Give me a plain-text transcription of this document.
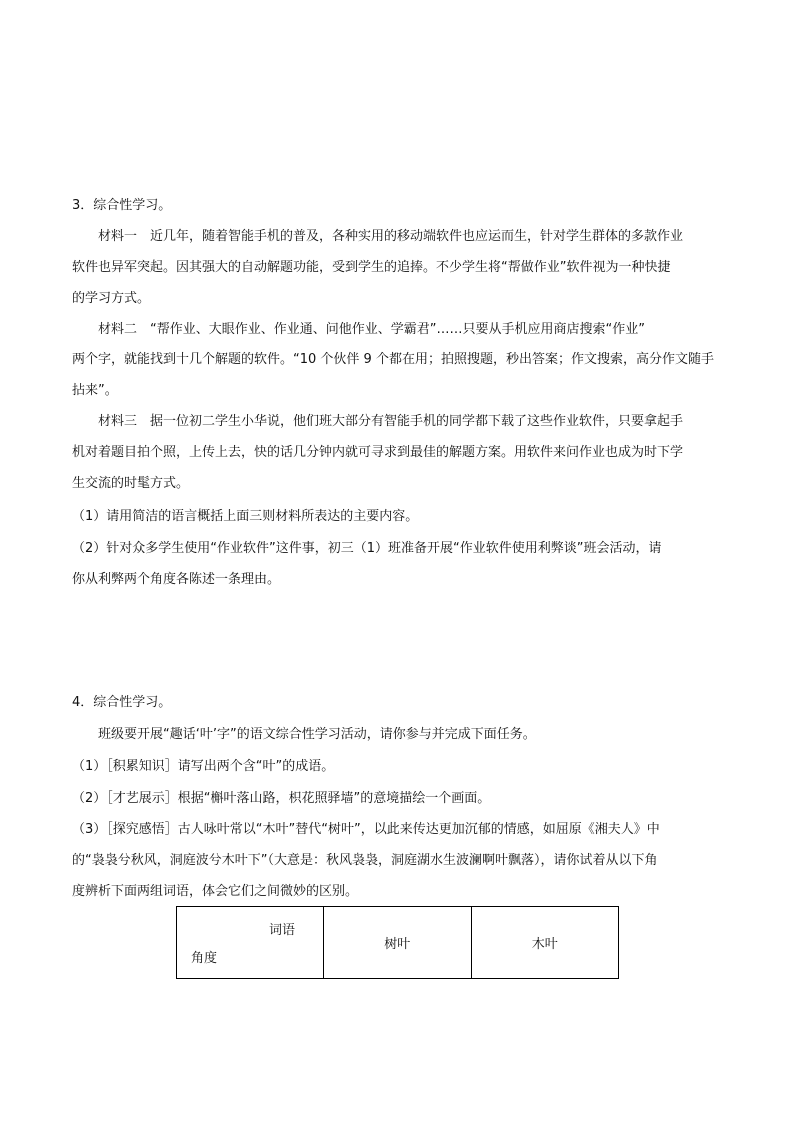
3．综合性学习。
材料一　近几年，随着智能手机的普及，各种实用的移动端软件也应运而生，针对学生群体的多款作业
软件也异军突起。因其强大的自动解题功能，受到学生的追捧。不少学生将“帮做作业”软件视为一种快捷
的学习方式。
材料二　“帮作业、大眼作业、作业通、问他作业、学霸君”……只要从手机应用商店搜索“作业”
两个字，就能找到十几个解题的软件。“10 个伙伴 9 个都在用；拍照搜题，秒出答案；作文搜索，高分作文随手
拈来”。
材料三　据一位初二学生小华说，他们班大部分有智能手机的同学都下载了这些作业软件，只要拿起手
机对着题目拍个照，上传上去，快的话几分钟内就可寻求到最佳的解题方案。用软件来问作业也成为时下学
生交流的时髦方式。
（1）请用简洁的语言概括上面三则材料所表达的主要内容。
（2）针对众多学生使用“作业软件”这件事，初三（1）班准备开展“作业软件使用利弊谈”班会活动，请
你从利弊两个角度各陈述一条理由。
4．综合性学习。
班级要开展“趣话‘叶’字”的语文综合性学习活动，请你参与并完成下面任务。
（1）［积累知识］请写出两个含“叶”的成语。
（2）［才艺展示］根据“槲叶落山路，枳花照驿墙”的意境描绘一个画面。
（3）［探究感悟］古人咏叶常以“木叶”替代“树叶”，以此来传达更加沉郁的情感，如屈原《湘夫人》中
的“袅袅兮秋风，洞庭波兮木叶下”（大意是：秋风袅袅，洞庭湖水生波澜啊叶飘落），请你试着从以下角
度辨析下面两组词语，体会它们之间微妙的区别。
词语
角度
	树叶	木叶
